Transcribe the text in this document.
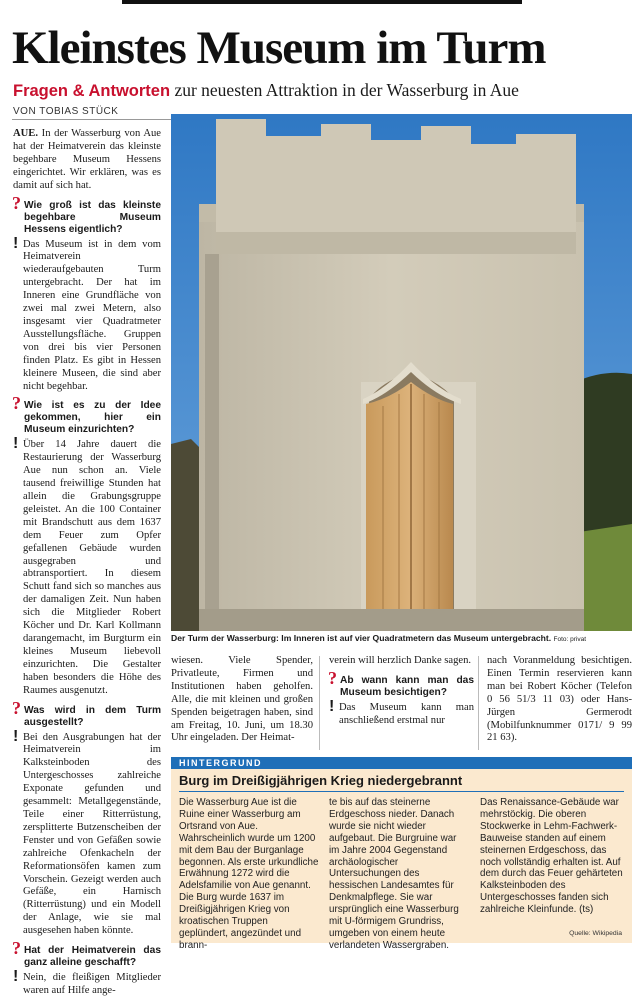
Kleinstes Museum im Turm
Fragen & Antworten zur neuesten Attraktion in der Wasserburg in Aue
VON TOBIAS STÜCK

AUE. In der Wasserburg von Aue hat der Heimatverein das kleinste begehbare Museum Hessens eingerichtet. Wir erklären, was es damit auf sich hat.

? Wie groß ist das kleinste begehbare Museum Hessens eigentlich?

! Das Museum ist in dem vom Heimatverein wiederaufgebauten Turm untergebracht. Der hat im Inneren eine Grundfläche von zwei mal zwei Metern, also insgesamt vier Quadratmeter Ausstellungsfläche. Gruppen von drei bis vier Personen finden Platz. Es gibt in Hessen kleinere Museen, die sind aber nicht begehbar.

? Wie ist es zu der Idee gekommen, hier ein Museum einzurichten?

! Über 14 Jahre dauert die Restaurierung der Wasserburg Aue nun schon an. Viele tausend freiwillige Stunden hat allein die Grabungsgruppe geleistet. An die 100 Container mit Brandschutt aus dem 1637 dem Feuer zum Opfer gefallenen Gebäude wurden ausgegraben und abtransportiert. In diesem Schutt fand sich so manches aus der damaligen Zeit. Nun haben sich die Mitglieder Robert Köcher und Dr. Karl Kollmann darangemacht, im Burgturm ein kleines Museum liebevoll einzurichten. Die Gestalter haben besonders die Höhe des Raumes ausgenutzt.

? Was wird in dem Turm ausgestellt?

! Bei den Ausgrabungen hat der Heimatverein im Kalksteinboden des Untergeschosses zahlreiche Exponate gefunden und gesammelt: Metallgegenstände, Teile einer Ritterrüstung, zersplitterte Butzenscheiben der Fenster und von Gefäßen sowie zahlreiche Ofenkacheln der Reformationsöfen kamen zum Vorschein. Gezeigt werden auch Gefäße, ein Harnisch (Ritterrüstung) und ein Modell der Anlage, wie sie mal ausgesehen haben könnte.

? Hat der Heimatverein das ganz alleine geschafft?

! Nein, die fleißigen Mitglieder waren auf Hilfe ange-

Der Turm der Wasserburg: Im Inneren ist auf vier Quadratmetern das Museum untergebracht. Foto: privat

wiesen. Viele Spender, Privatleute, Firmen und Institutionen haben geholfen. Alle, die mit kleinen und großen Spenden beigetragen haben, sind am Freitag, 10. Juni, um 18.30 Uhr eingeladen. Der Heimat-

verein will herzlich Danke sagen.

? Ab wann kann man das Museum besichtigen?

! Das Museum kann man anschließend erstmal nur

nach Voranmeldung besichtigen. Einen Termin reservieren kann man bei Robert Köcher (Telefon 0 56 51/3 11 03) oder Hans-Jürgen Germerodt (Mobilfunknummer 0171/ 9 99 21 63).

HINTERGRUND
Burg im Dreißigjährigen Krieg niedergebrannt
Die Wasserburg Aue ist die Ruine einer Wasserburg am Ortsrand von Aue. Wahrscheinlich wurde um 1200 mit dem Bau der Burganlage begonnen. Als erste urkundliche Erwähnung 1272 wird die Adelsfamilie von Aue genannt. Die Burg wurde 1637 im Dreißigjährigen Krieg von kroatischen Truppen geplündert, angezündet und brann-
te bis auf das steinerne Erdgeschoss nieder. Danach wurde sie nicht wieder aufgebaut. Die Burgruine war im Jahre 2004 Gegenstand archäologischer Untersuchungen des hessischen Landesamtes für Denkmalpflege. Sie war ursprünglich eine Wasserburg mit U-förmigem Grundriss, umgeben von einem heute verlandeten Wassergraben.
Das Renaissance-Gebäude war mehrstöckig. Die oberen Stockwerke in Lehm-Fachwerk-Bauweise standen auf einem steinernen Erdgeschoss, das noch vollständig erhalten ist. Auf dem durch das Feuer gehärteten Kalksteinboden des Untergeschosses fanden sich zahlreiche Kleinfunde. (ts)
Quelle: Wikipedia
